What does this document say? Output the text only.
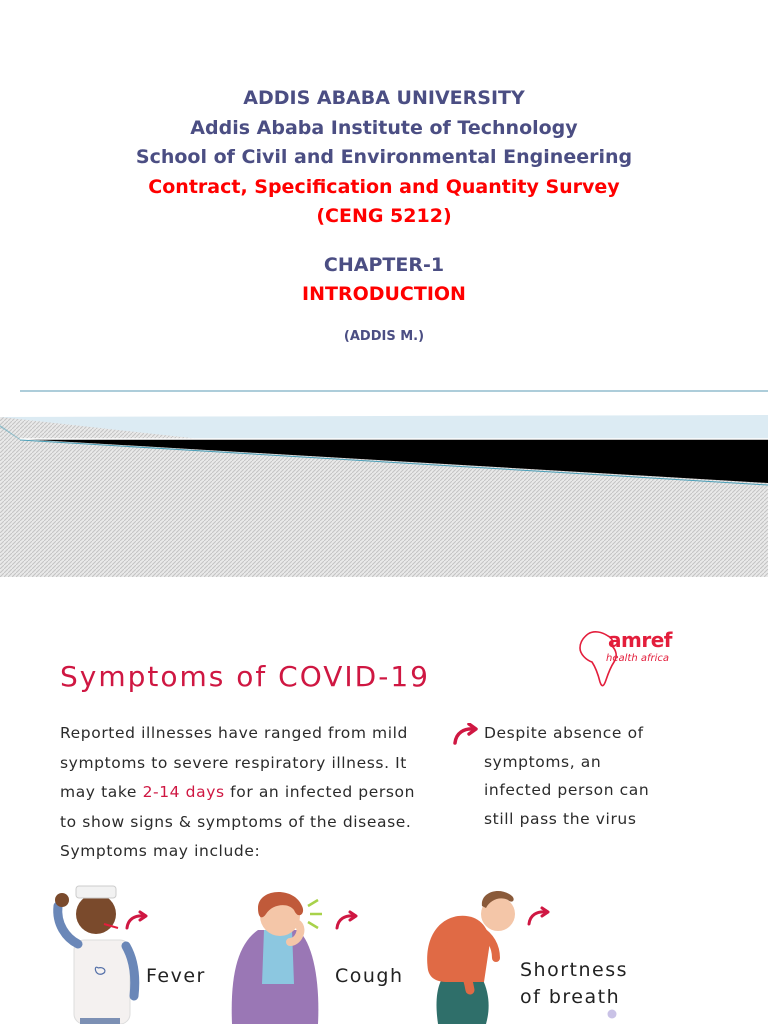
ADDIS ABABA UNIVERSITY
Addis Ababa Institute of Technology
School of Civil and Environmental Engineering
Contract, Specification and Quantity Survey
(CENG 5212)
CHAPTER-1
INTRODUCTION
(ADDIS M.)
amref
health africa
Symptoms of COVID-19
Reported illnesses have ranged from mild
symptoms to severe respiratory illness. It
may take 2-14 days for an infected person
to show signs & symptoms of the disease.
Symptoms may include:
Despite absence of
symptoms, an
infected person can
still pass the virus
Fever	Cough	Shortness
of breath
